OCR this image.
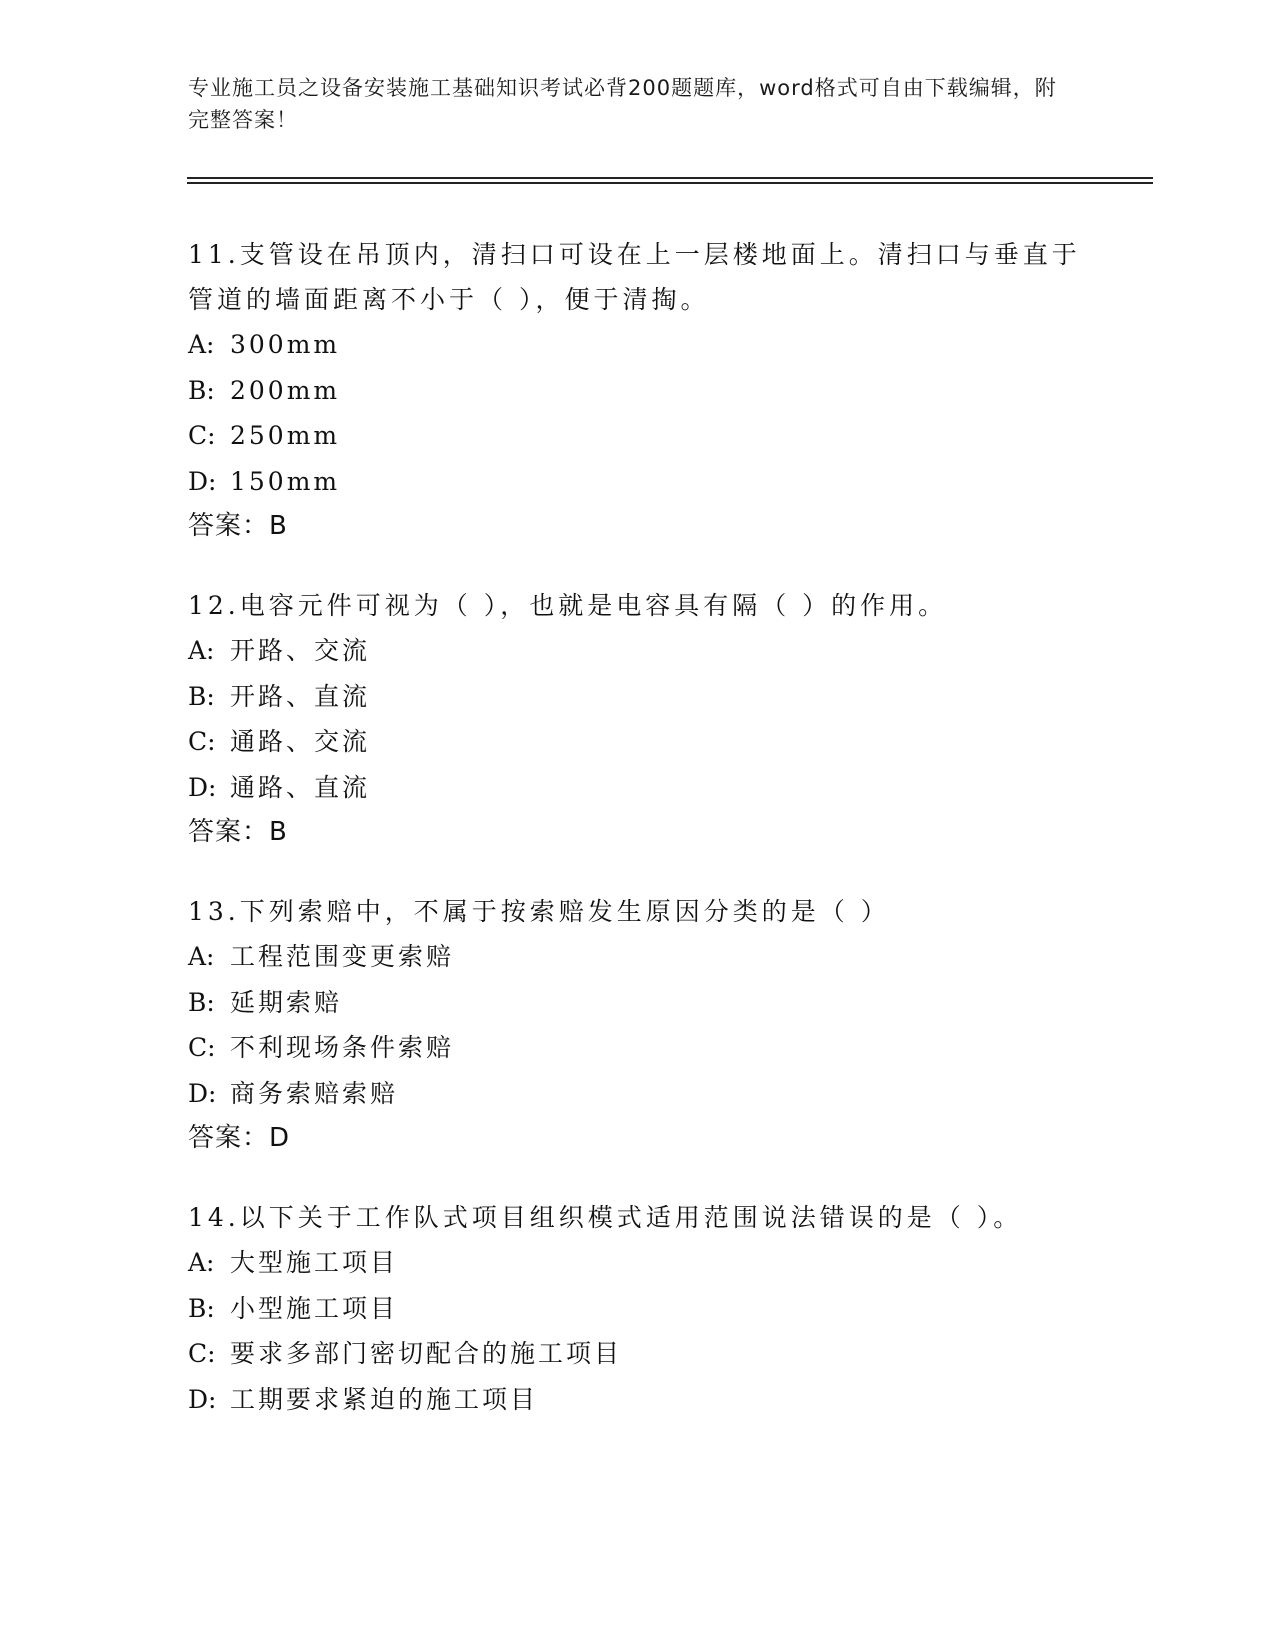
专业施工员之设备安装施工基础知识考试必背200题题库，word格式可自由下载编辑，附完整答案！
11.支管设在吊顶内，清扫口可设在上一层楼地面上。清扫口与垂直于管道的墙面距离不小于（ ），便于清掏。
A: 300mm
B: 200mm
C: 250mm
D: 150mm
答案：B
12.电容元件可视为（ ），也就是电容具有隔（ ）的作用。
A: 开路、交流
B: 开路、直流
C: 通路、交流
D: 通路、直流
答案：B
13.下列索赔中，不属于按索赔发生原因分类的是（ ）
A: 工程范围变更索赔
B: 延期索赔
C: 不利现场条件索赔
D: 商务索赔索赔
答案：D
14.以下关于工作队式项目组织模式适用范围说法错误的是（ ）。
A: 大型施工项目
B: 小型施工项目
C: 要求多部门密切配合的施工项目
D: 工期要求紧迫的施工项目
